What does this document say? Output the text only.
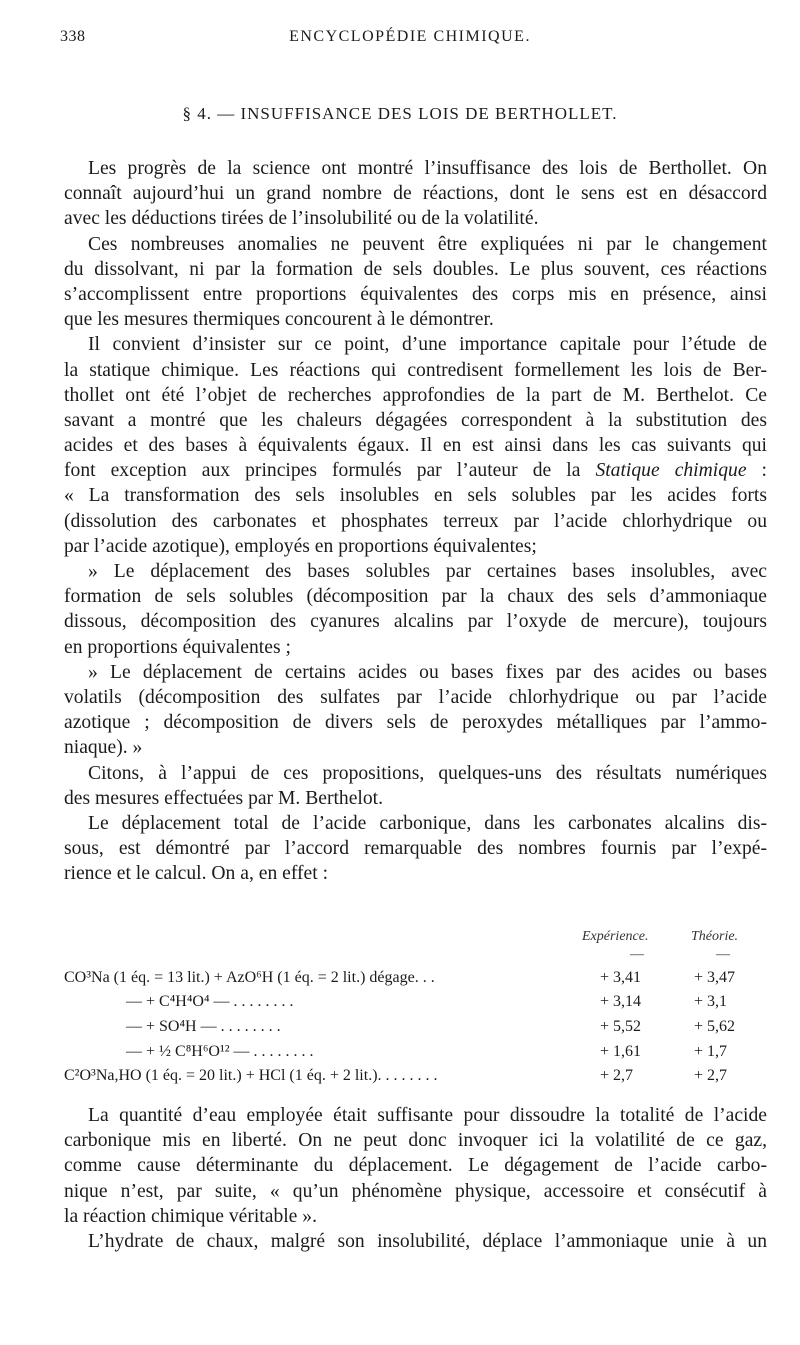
338	ENCYCLOPÉDIE CHIMIQUE.
§ 4. — INSUFFISANCE DES LOIS DE BERTHOLLET.
Les progrès de la science ont montré l’insuffisance des lois de Berthollet. On
connaît aujourd’hui un grand nombre de réactions, dont le sens est en désaccord
avec les déductions tirées de l’insolubilité ou de la volatilité.
Ces nombreuses anomalies ne peuvent être expliquées ni par le changement
du dissolvant, ni par la formation de sels doubles. Le plus souvent, ces réactions
s’accomplissent entre proportions équivalentes des corps mis en présence, ainsi
que les mesures thermiques concourent à le démontrer.
Il convient d’insister sur ce point, d’une importance capitale pour l’étude de
la statique chimique. Les réactions qui contredisent formellement les lois de Ber-
thollet ont été l’objet de recherches approfondies de la part de M. Berthelot. Ce
savant a montré que les chaleurs dégagées correspondent à la substitution des
acides et des bases à équivalents égaux. Il en est ainsi dans les cas suivants qui
font exception aux principes formulés par l’auteur de la Statique chimique :
« La transformation des sels insolubles en sels solubles par les acides forts
(dissolution des carbonates et phosphates terreux par l’acide chlorhydrique ou
par l’acide azotique), employés en proportions équivalentes;
» Le déplacement des bases solubles par certaines bases insolubles, avec
formation de sels solubles (décomposition par la chaux des sels d’ammoniaque
dissous, décomposition des cyanures alcalins par l’oxyde de mercure), toujours
en proportions équivalentes ;
» Le déplacement de certains acides ou bases fixes par des acides ou bases
volatils (décomposition des sulfates par l’acide chlorhydrique ou par l’acide
azotique ; décomposition de divers sels de peroxydes métalliques par l’ammo-
niaque). »
Citons, à l’appui de ces propositions, quelques-uns des résultats numériques
des mesures effectuées par M. Berthelot.
Le déplacement total de l’acide carbonique, dans les carbonates alcalins dis-
sous, est démontré par l’accord remarquable des nombres fournis par l’expé-
rience et le calcul. On a, en effet :
Expérience.	Théorie.
—	—
CO³Na (1 éq. = 13 lit.) + AzO⁶H (1 éq. = 2 lit.) dégage. . .	+ 3,41	+ 3,47
— + C⁴H⁴O⁴ — . . . . . . . .	+ 3,14	+ 3,1
— + SO⁴H — . . . . . . . .	+ 5,52	+ 5,62
— + ½ C⁸H⁶O¹² — . . . . . . . .	+ 1,61	+ 1,7
C²O³Na,HO (1 éq. = 20 lit.) + HCl (1 éq. + 2 lit.). . . . . . . .	+ 2,7	+ 2,7
La quantité d’eau employée était suffisante pour dissoudre la totalité de l’acide
carbonique mis en liberté. On ne peut donc invoquer ici la volatilité de ce gaz,
comme cause déterminante du déplacement. Le dégagement de l’acide carbo-
nique n’est, par suite, « qu’un phénomène physique, accessoire et consécutif à
la réaction chimique véritable ».
L’hydrate de chaux, malgré son insolubilité, déplace l’ammoniaque unie à un
